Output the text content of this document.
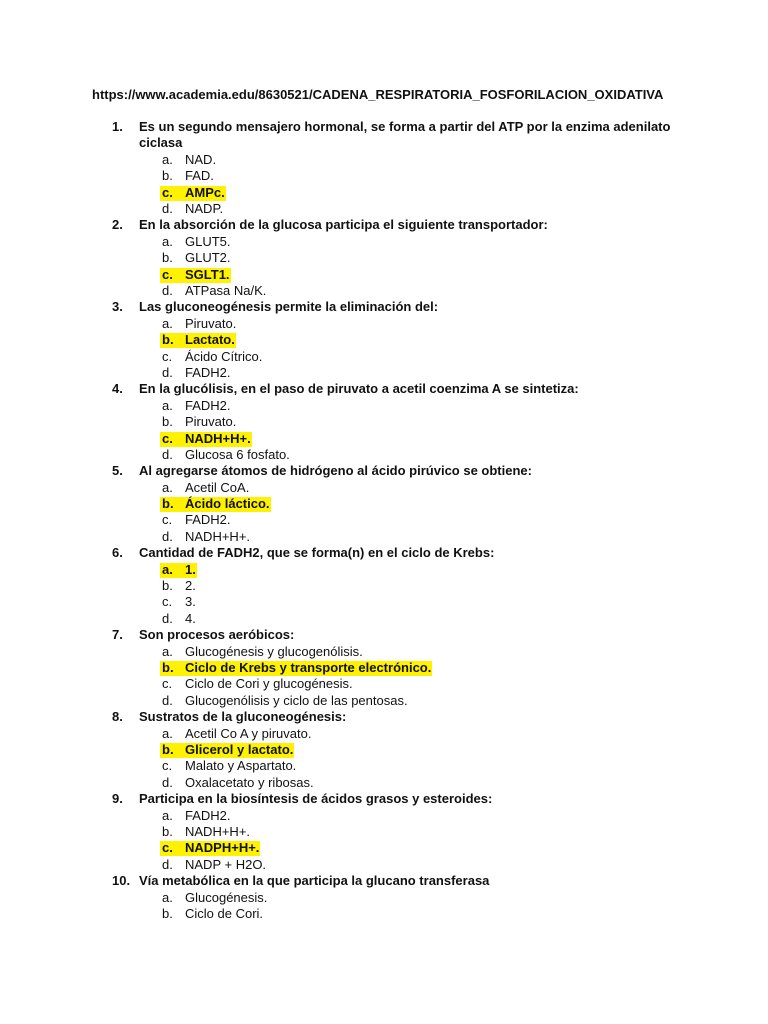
https://www.academia.edu/8630521/CADENA_RESPIRATORIA_FOSFORILACION_OXIDATIVA
1.	Es un segundo mensajero hormonal, se forma a partir del ATP por la enzima adenilato ciclasa
a. NAD.
b. FAD.
c. AMPc.
d. NADP.
2.	En la absorción de la glucosa participa el siguiente transportador:
a. GLUT5.
b. GLUT2.
c. SGLT1.
d. ATPasa Na/K.
3.	Las gluconeogénesis permite la eliminación del:
a. Piruvato.
b. Lactato.
c. Ácido Cítrico.
d. FADH2.
4.	En la glucólisis, en el paso de piruvato a acetil coenzima A se sintetiza:
a. FADH2.
b. Piruvato.
c. NADH+H+.
d. Glucosa 6 fosfato.
5.	Al agregarse átomos de hidrógeno al ácido pirúvico se obtiene:
a. Acetil CoA.
b. Ácido láctico.
c. FADH2.
d. NADH+H+.
6.	Cantidad de FADH2, que se forma(n) en el ciclo de Krebs:
a. 1.
b. 2.
c. 3.
d. 4.
7.	Son procesos aeróbicos:
a. Glucogénesis y glucogenólisis.
b. Ciclo de Krebs y transporte electrónico.
c. Ciclo de Cori y glucogénesis.
d. Glucogenólisis y ciclo de las pentosas.
8.	Sustratos de la gluconeogénesis:
a. Acetil Co A y piruvato.
b. Glicerol y lactato.
c. Malato y Aspartato.
d. Oxalacetato y ribosas.
9.	Participa en la biosíntesis de ácidos grasos y esteroides:
a. FADH2.
b. NADH+H+.
c. NADPH+H+.
d. NADP + H2O.
10. Vía metabólica en la que participa la glucano transferasa
a. Glucogénesis.
b. Ciclo de Cori.
